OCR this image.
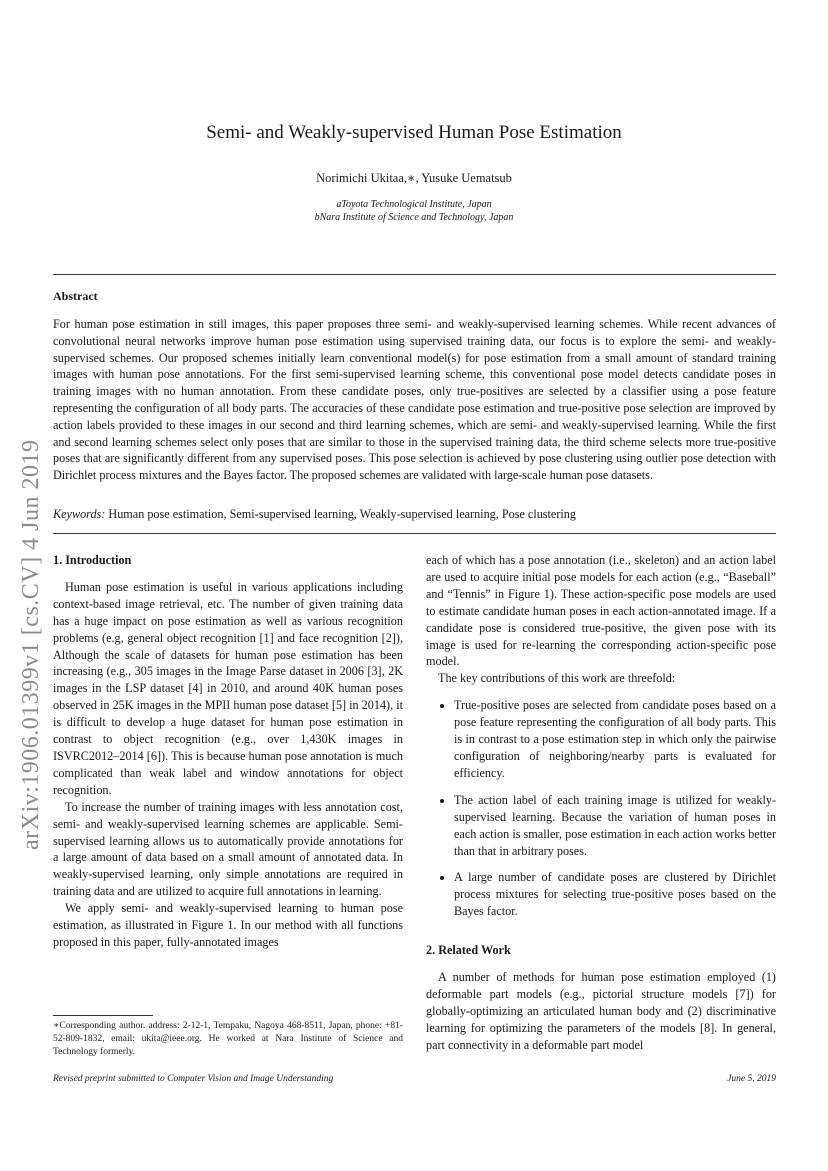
arXiv:1906.01399v1 [cs.CV] 4 Jun 2019
Semi- and Weakly-supervised Human Pose Estimation
Norimichi Ukitaa,∗, Yusuke Uematsub
aToyota Technological Institute, Japan
bNara Institute of Science and Technology, Japan
Abstract
For human pose estimation in still images, this paper proposes three semi- and weakly-supervised learning schemes. While recent advances of convolutional neural networks improve human pose estimation using supervised training data, our focus is to explore the semi- and weakly-supervised schemes. Our proposed schemes initially learn conventional model(s) for pose estimation from a small amount of standard training images with human pose annotations. For the first semi-supervised learning scheme, this conventional pose model detects candidate poses in training images with no human annotation. From these candidate poses, only true-positives are selected by a classifier using a pose feature representing the configuration of all body parts. The accuracies of these candidate pose estimation and true-positive pose selection are improved by action labels provided to these images in our second and third learning schemes, which are semi- and weakly-supervised learning. While the first and second learning schemes select only poses that are similar to those in the supervised training data, the third scheme selects more true-positive poses that are significantly different from any supervised poses. This pose selection is achieved by pose clustering using outlier pose detection with Dirichlet process mixtures and the Bayes factor. The proposed schemes are validated with large-scale human pose datasets.
Keywords: Human pose estimation, Semi-supervised learning, Weakly-supervised learning, Pose clustering
1. Introduction

Human pose estimation is useful in various applications including context-based image retrieval, etc. The number of given training data has a huge impact on pose estimation as well as various recognition problems (e.g, general object recognition [1] and face recognition [2]), Although the scale of datasets for human pose estimation has been increasing (e.g., 305 images in the Image Parse dataset in 2006 [3], 2K images in the LSP dataset [4] in 2010, and around 40K human poses observed in 25K images in the MPII human pose dataset [5] in 2014), it is difficult to develop a huge dataset for human pose estimation in contrast to object recognition (e.g., over 1,430K images in ISVRC2012–2014 [6]). This is because human pose annotation is much complicated than weak label and window annotations for object recognition.

To increase the number of training images with less annotation cost, semi- and weakly-supervised learning schemes are applicable. Semi-supervised learning allows us to automatically provide annotations for a large amount of data based on a small amount of annotated data. In weakly-supervised learning, only simple annotations are required in training data and are utilized to acquire full annotations in learning.

We apply semi- and weakly-supervised learning to human pose estimation, as illustrated in Figure 1. In our method with all functions proposed in this paper, fully-annotated images

each of which has a pose annotation (i.e., skeleton) and an action label are used to acquire initial pose models for each action (e.g., “Baseball” and “Tennis” in Figure 1). These action-specific pose models are used to estimate candidate human poses in each action-annotated image. If a candidate pose is considered true-positive, the given pose with its image is used for re-learning the corresponding action-specific pose model.

The key contributions of this work are threefold:

• True-positive poses are selected from candidate poses based on a pose feature representing the configuration of all body parts. This is in contrast to a pose estimation step in which only the pairwise configuration of neighboring/nearby parts is evaluated for efficiency.
• The action label of each training image is utilized for weakly-supervised learning. Because the variation of human poses in each action is smaller, pose estimation in each action works better than that in arbitrary poses.
• A large number of candidate poses are clustered by Dirichlet process mixtures for selecting true-positive poses based on the Bayes factor.
2. Related Work

A number of methods for human pose estimation employed (1) deformable part models (e.g., pictorial structure models [7]) for globally-optimizing an articulated human body and (2) discriminative learning for optimizing the parameters of the models [8]. In general, part connectivity in a deformable part model

∗Corresponding author. address: 2-12-1, Tempaku, Nagoya 468-8511, Japan, phone: +81-52-809-1832, email: ukita@ieee.org. He worked at Nara Institute of Science and Technology formerly.
Revised preprint submitted to Computer Vision and Image Understanding	June 5, 2019
